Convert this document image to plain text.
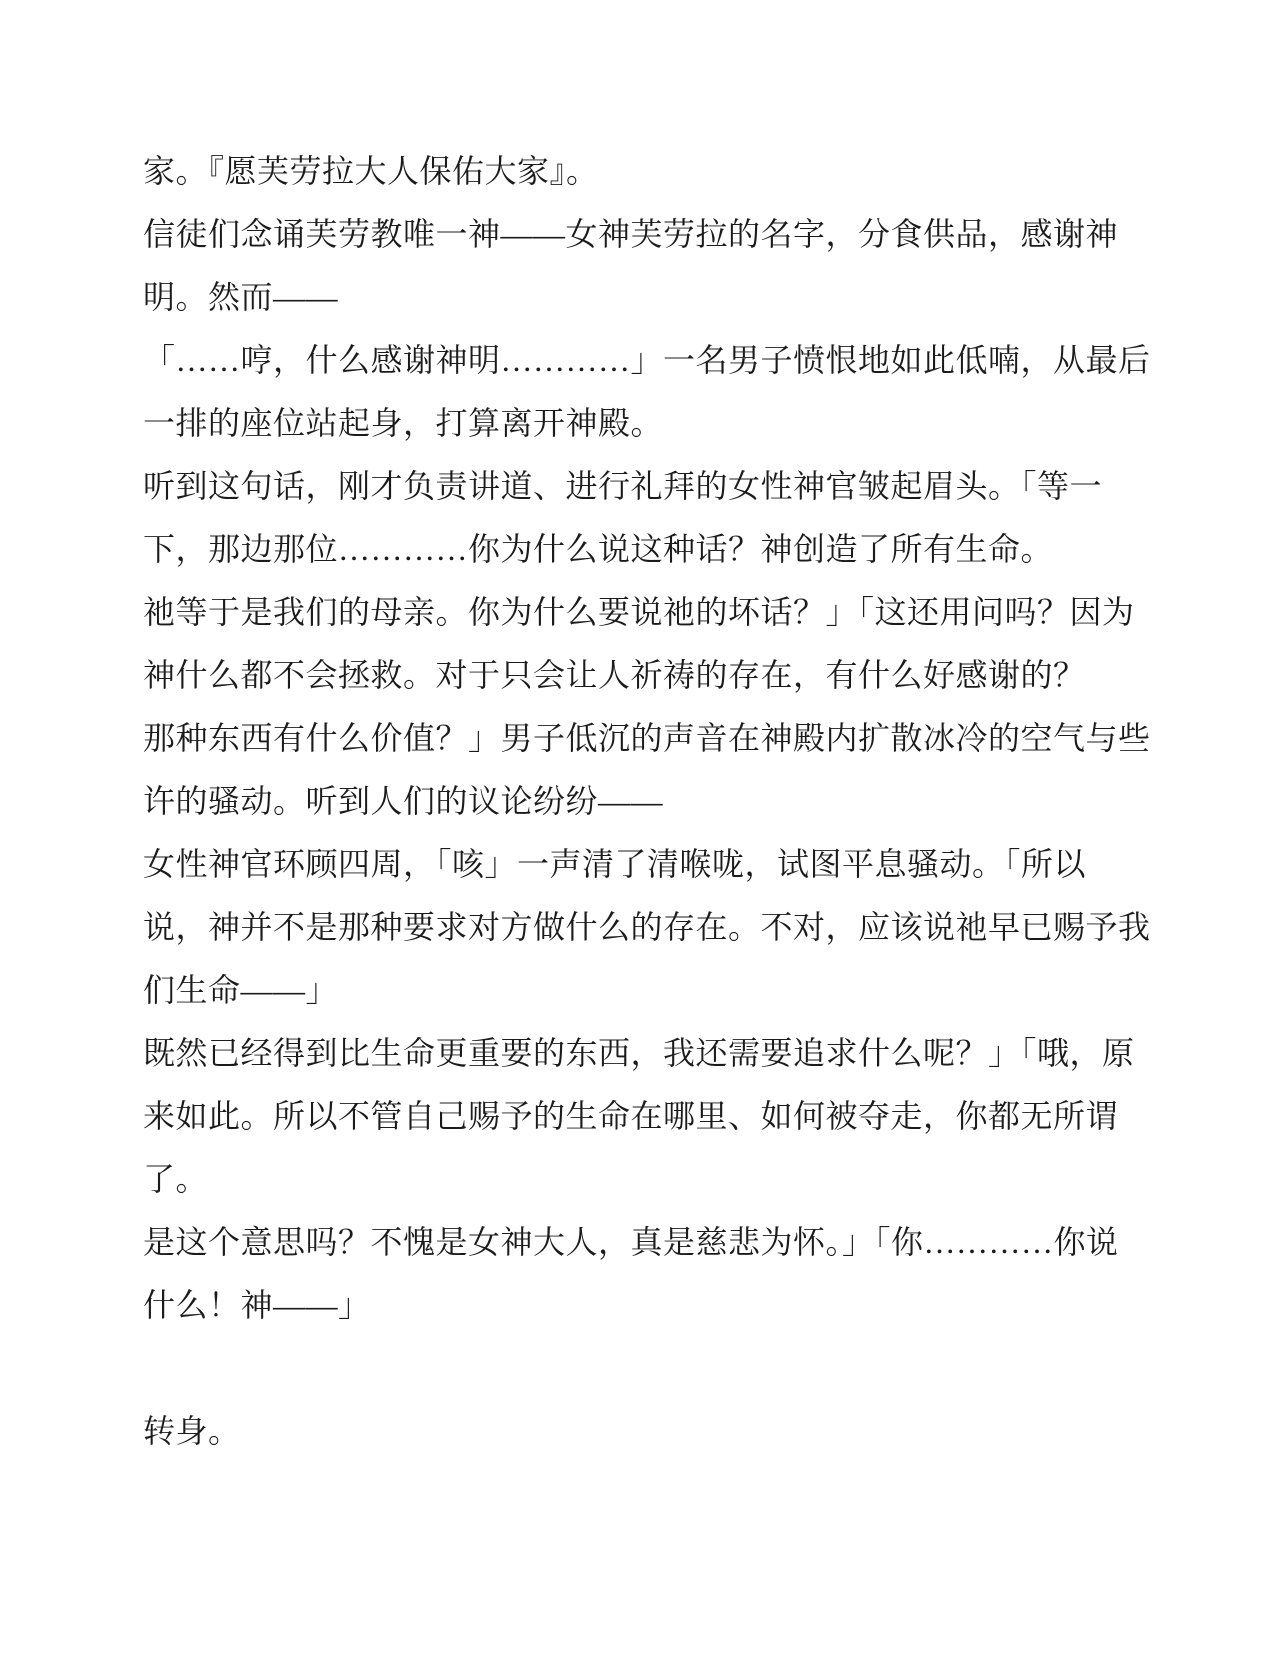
家。『愿芙劳拉大人保佑大家』。

信徒们念诵芙劳教唯一神——女神芙劳拉的名字，分食供品，感谢神

明。然而——

「……哼，什么感谢神明…………」一名男子愤恨地如此低喃，从最后

一排的座位站起身，打算离开神殿。

听到这句话，刚才负责讲道、进行礼拜的女性神官皱起眉头。「等一

下，那边那位…………你为什么说这种话？神创造了所有生命。

祂等于是我们的母亲。你为什么要说祂的坏话？」「这还用问吗？因为

神什么都不会拯救。对于只会让人祈祷的存在，有什么好感谢的？

那种东西有什么价值？」男子低沉的声音在神殿内扩散冰冷的空气与些

许的骚动。听到人们的议论纷纷——

女性神官环顾四周，「咳」一声清了清喉咙，试图平息骚动。「所以

说，神并不是那种要求对方做什么的存在。不对，应该说祂早已赐予我

们生命——」

既然已经得到比生命更重要的东西，我还需要追求什么呢？」「哦，原

来如此。所以不管自己赐予的生命在哪里、如何被夺走，你都无所谓

了。

是这个意思吗？不愧是女神大人，真是慈悲为怀。」「你…………你说

什么！神——」

转身。
